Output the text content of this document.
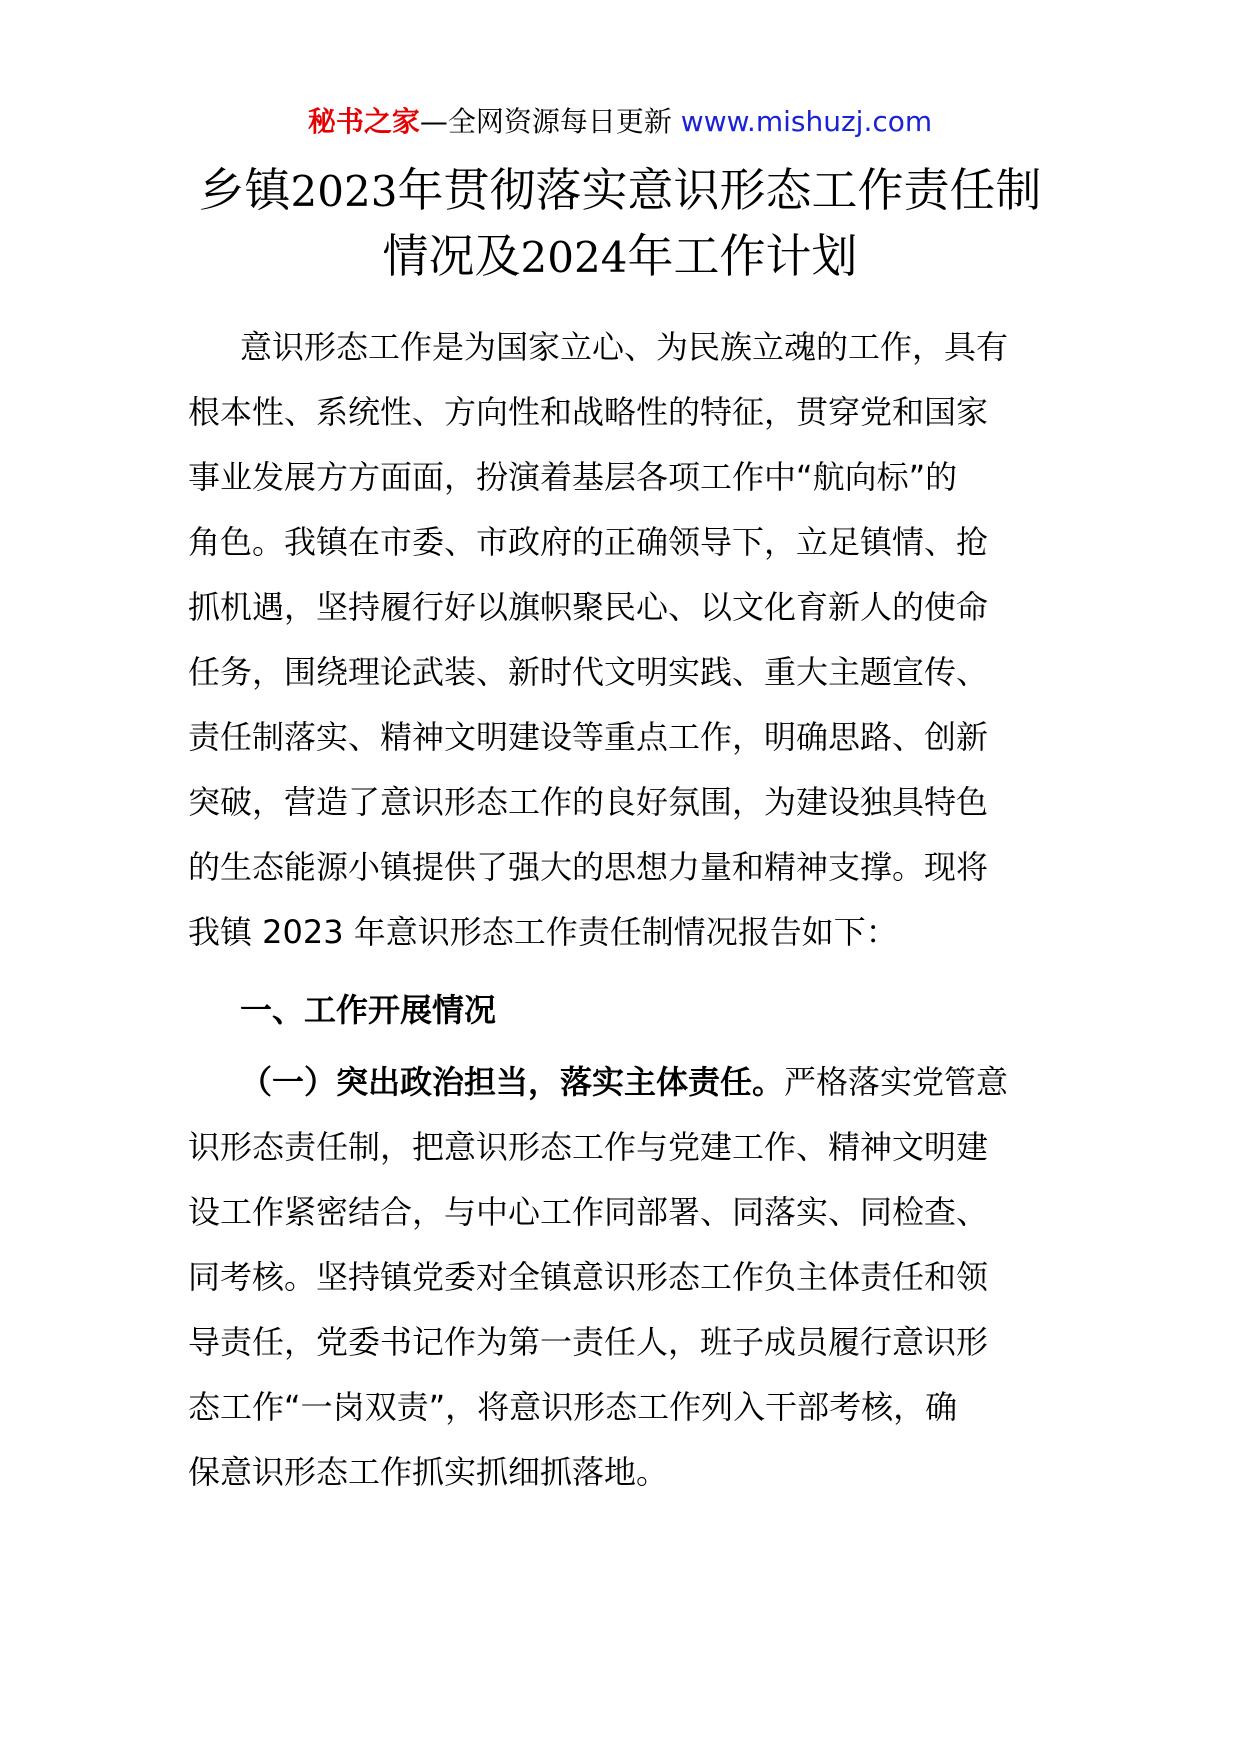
秘书之家—全网资源每日更新 www.mishuzj.com
乡镇2023年贯彻落实意识形态工作责任制
情况及2024年工作计划
意识形态工作是为国家立心、为民族立魂的工作，具有
根本性、系统性、方向性和战略性的特征，贯穿党和国家
事业发展方方面面，扮演着基层各项工作中“航向标”的
角色。我镇在市委、市政府的正确领导下，立足镇情、抢
抓机遇，坚持履行好以旗帜聚民心、以文化育新人的使命
任务，围绕理论武装、新时代文明实践、重大主题宣传、
责任制落实、精神文明建设等重点工作，明确思路、创新
突破，营造了意识形态工作的良好氛围，为建设独具特色
的生态能源小镇提供了强大的思想力量和精神支撑。现将
我镇 2023 年意识形态工作责任制情况报告如下：
一、工作开展情况
（一）突出政治担当，落实主体责任。严格落实党管意
识形态责任制，把意识形态工作与党建工作、精神文明建
设工作紧密结合，与中心工作同部署、同落实、同检查、
同考核。坚持镇党委对全镇意识形态工作负主体责任和领
导责任，党委书记作为第一责任人，班子成员履行意识形
态工作“一岗双责”，将意识形态工作列入干部考核，确
保意识形态工作抓实抓细抓落地。
